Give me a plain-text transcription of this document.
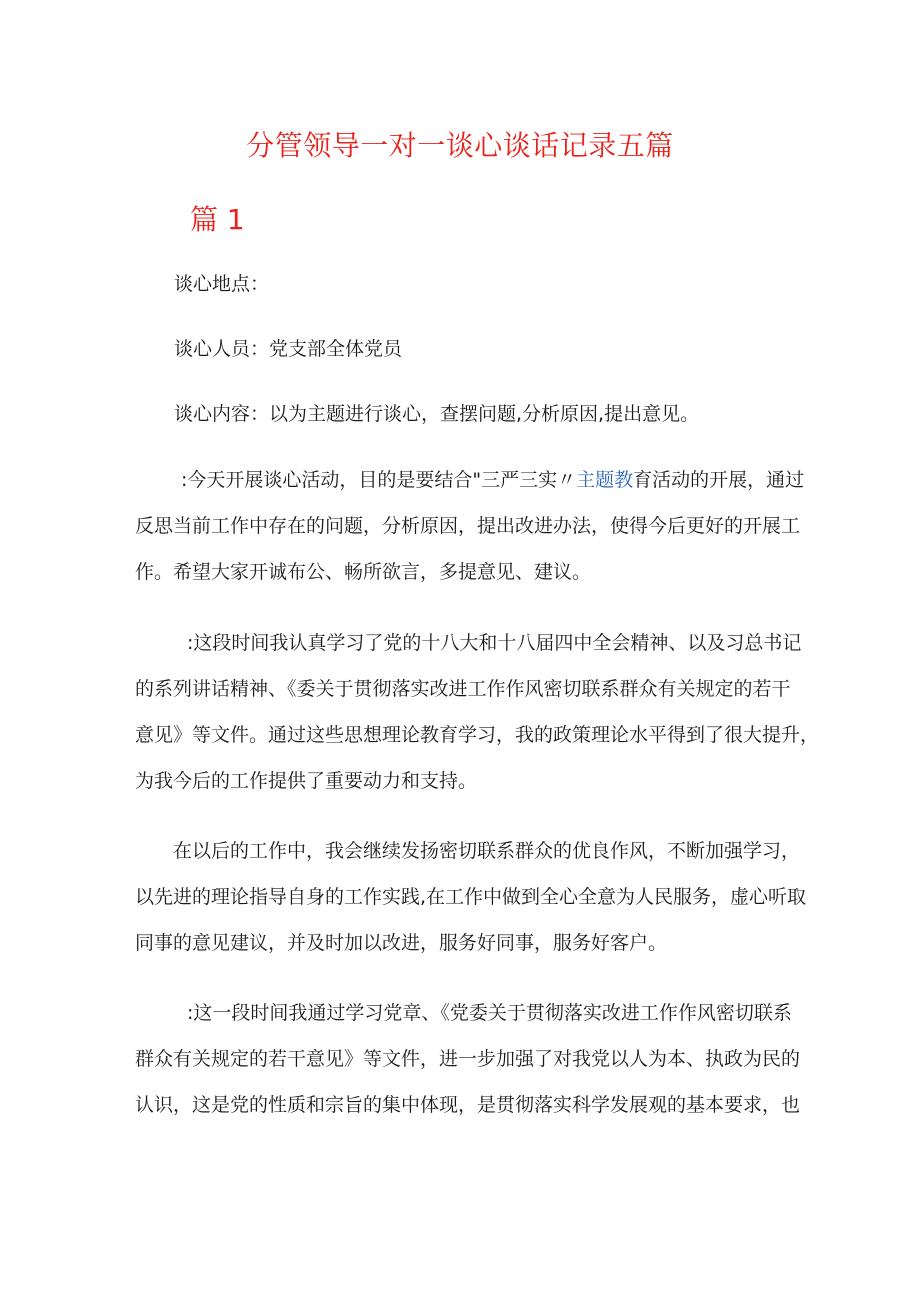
分管领导一对一谈心谈话记录五篇
篇 1
谈心地点：
谈心人员：党支部全体党员
谈心内容：以为主题进行谈心，查摆问题,分析原因,提出意见。
:今天开展谈心活动，目的是要结合"三严三实〃主题教育活动的开展，通过
反思当前工作中存在的问题，分析原因，提出改进办法，使得今后更好的开展工
作。希望大家开诚布公、畅所欲言，多提意见、建议。
:这段时间我认真学习了党的十八大和十八届四中全会精神、以及习总书记
的系列讲话精神、《委关于贯彻落实改进工作作风密切联系群众有关规定的若干
意见》等文件。通过这些思想理论教育学习，我的政策理论水平得到了很大提升，
为我今后的工作提供了重要动力和支持。
在以后的工作中，我会继续发扬密切联系群众的优良作风，不断加强学习，
以先进的理论指导自身的工作实践,在工作中做到全心全意为人民服务，虚心听取
同事的意见建议，并及时加以改进，服务好同事，服务好客户。
:这一段时间我通过学习党章、《党委关于贯彻落实改进工作作风密切联系
群众有关规定的若干意见》等文件，进一步加强了对我党以人为本、执政为民的
认识，这是党的性质和宗旨的集中体现，是贯彻落实科学发展观的基本要求，也
